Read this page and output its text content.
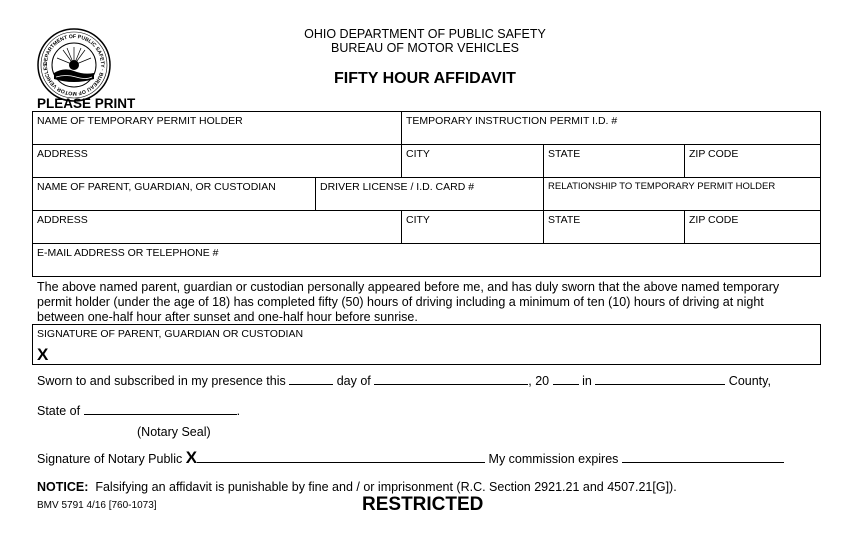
DEPARTMENT OF PUBLIC SAFETY · BUREAU OF MOTOR VEHICLES
OHIO DEPARTMENT OF PUBLIC SAFETY
BUREAU OF MOTOR VEHICLES
FIFTY HOUR AFFIDAVIT
PLEASE PRINT
NAME OF TEMPORARY PERMIT HOLDER	TEMPORARY INSTRUCTION PERMIT I.D. #
ADDRESS	CITY	STATE	ZIP CODE
NAME OF PARENT, GUARDIAN, OR CUSTODIAN	DRIVER LICENSE / I.D. CARD #	RELATIONSHIP TO TEMPORARY PERMIT HOLDER
ADDRESS	CITY	STATE	ZIP CODE
E-MAIL ADDRESS OR TELEPHONE #
The above named parent, guardian or custodian personally appeared before me, and has duly sworn that the above named temporary permit holder (under the age of 18) has completed fifty (50) hours of driving including a minimum of ten (10) hours of driving at night between one-half hour after sunset and one-half hour before sunrise.
SIGNATURE OF PARENT, GUARDIAN OR CUSTODIAN
X
Sworn to and subscribed in my presence this	day of	, 20	in	County,
State of	.
(Notary Seal)
Signature of Notary Public X	My commission expires
NOTICE: Falsifying an affidavit is punishable by fine and / or imprisonment (R.C. Section 2921.21 and 4507.21[G]).
BMV 5791 4/16 [760-1073]	RESTRICTED
